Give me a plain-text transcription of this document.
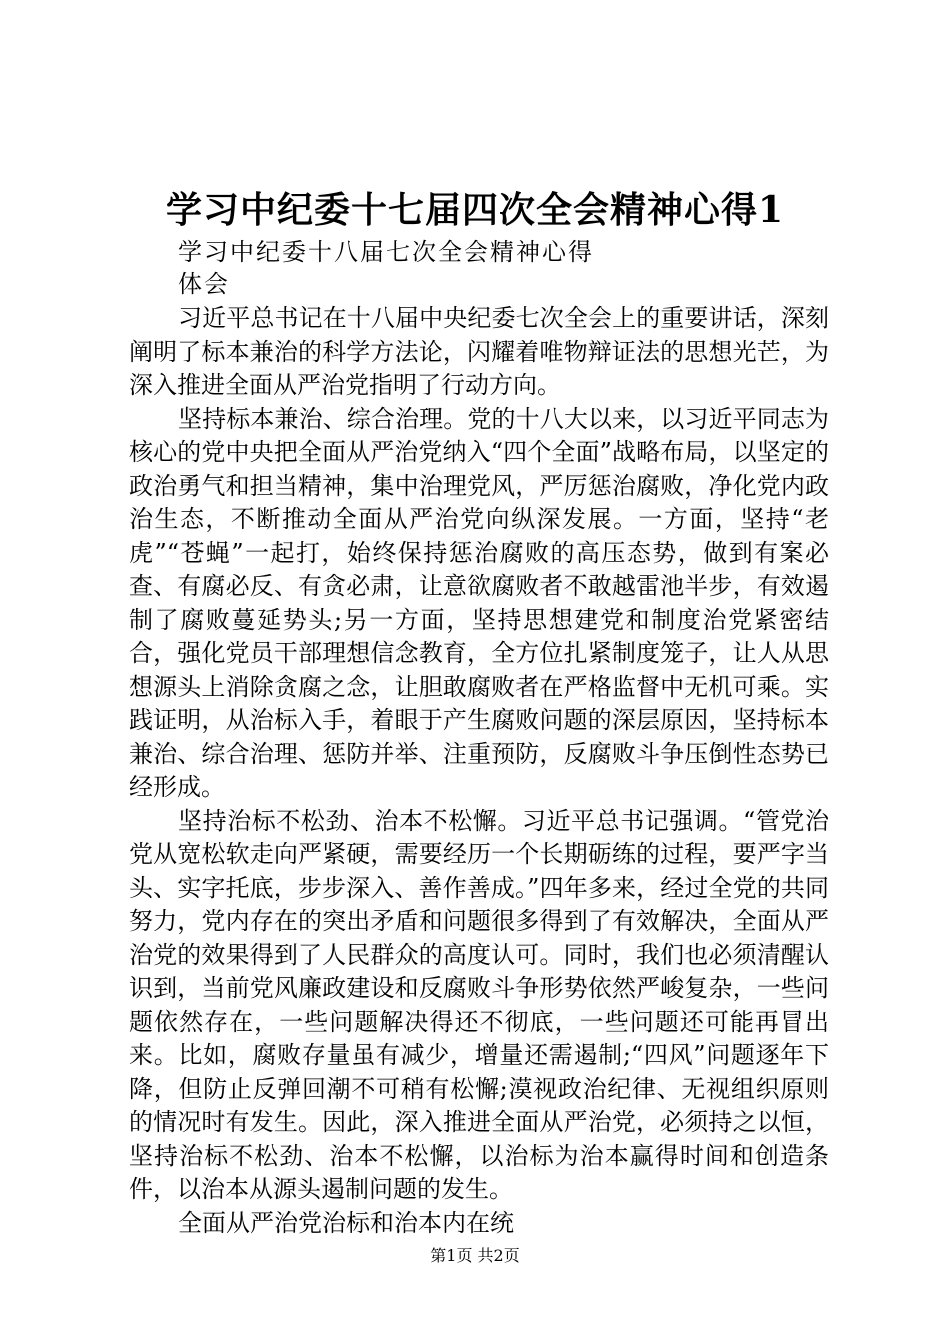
学习中纪委十七届四次全会精神心得1
学习中纪委十八届七次全会精神心得体会

习近平总书记在十八届中央纪委七次全会上的重要讲话，深刻阐明了标本兼治的科学方法论，闪耀着唯物辩证法的思想光芒，为深入推进全面从严治党指明了行动方向。

坚持标本兼治、综合治理。党的十八大以来，以习近平同志为核心的党中央把全面从严治党纳入“四个全面”战略布局，以坚定的政治勇气和担当精神，集中治理党风，严厉惩治腐败，净化党内政治生态，不断推动全面从严治党向纵深发展。一方面，坚持“老虎”“苍蝇”一起打，始终保持惩治腐败的高压态势，做到有案必查、有腐必反、有贪必肃，让意欲腐败者不敢越雷池半步，有效遏制了腐败蔓延势头;另一方面，坚持思想建党和制度治党紧密结合，强化党员干部理想信念教育，全方位扎紧制度笼子，让人从思想源头上消除贪腐之念，让胆敢腐败者在严格监督中无机可乘。实践证明，从治标入手，着眼于产生腐败问题的深层原因，坚持标本兼治、综合治理、惩防并举、注重预防，反腐败斗争压倒性态势已经形成。

坚持治标不松劲、治本不松懈。习近平总书记强调。“管党治党从宽松软走向严紧硬，需要经历一个长期砺练的过程，要严字当头、实字托底，步步深入、善作善成。”四年多来，经过全党的共同努力，党内存在的突出矛盾和问题很多得到了有效解决，全面从严治党的效果得到了人民群众的高度认可。同时，我们也必须清醒认识到，当前党风廉政建设和反腐败斗争形势依然严峻复杂，一些问题依然存在，一些问题解决得还不彻底，一些问题还可能再冒出来。比如，腐败存量虽有减少，增量还需遏制;“四风”问题逐年下降，但防止反弹回潮不可稍有松懈;漠视政治纪律、无视组织原则的情况时有发生。因此，深入推进全面从严治党，必须持之以恒，坚持治标不松劲、治本不松懈，以治标为治本赢得时间和创造条件，以治本从源头遏制问题的发生。

全面从严治党治标和治本内在统

第1页 共2页
